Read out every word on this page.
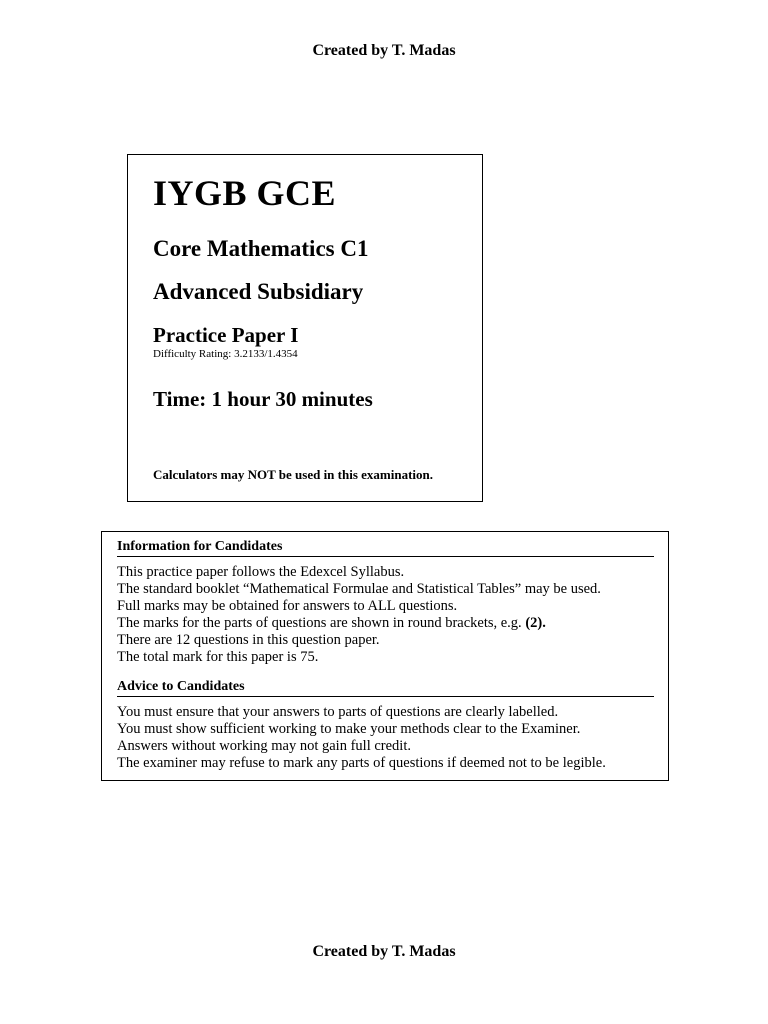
Created by T. Madas
IYGB GCE
Core Mathematics C1
Advanced Subsidiary
Practice Paper I
Difficulty Rating: 3.2133/1.4354
Time: 1 hour 30 minutes
Calculators may NOT be used in this examination.
Information for Candidates
This practice paper follows the Edexcel Syllabus.
The standard booklet “Mathematical Formulae and Statistical Tables” may be used.
Full marks may be obtained for answers to ALL questions.
The marks for the parts of questions are shown in round brackets, e.g. (2).
There are 12 questions in this question paper.
The total mark for this paper is 75.
Advice to Candidates
You must ensure that your answers to parts of questions are clearly labelled.
You must show sufficient working to make your methods clear to the Examiner.
Answers without working may not gain full credit.
The examiner may refuse to mark any parts of questions if deemed not to be legible.
Created by T. Madas
